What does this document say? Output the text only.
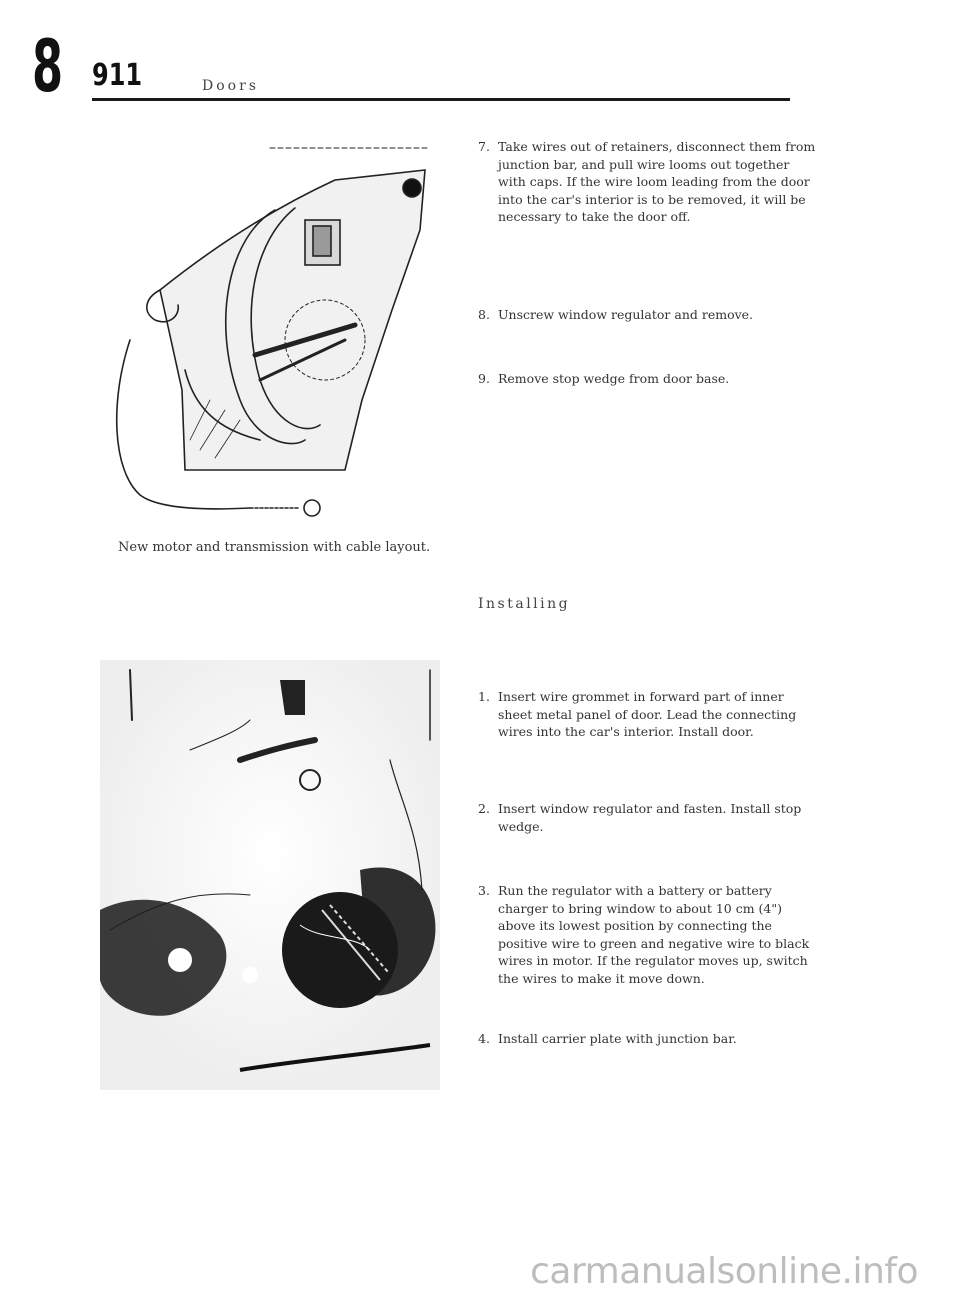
8 911	Doors
New motor and transmission with cable layout.
7. Take wires out of retainers, disconnect them from junction bar, and pull wire looms out together with caps. If the wire loom leading from the door into the car's interior is to be removed, it will be necessary to take the door off.
8. Unscrew window regulator and remove.
9. Remove stop wedge from door base.
Installing
1. Insert wire grommet in forward part of inner sheet metal panel of door. Lead the connecting wires into the car's interior. Install door.
2. Insert window regulator and fasten. Install stop wedge.
3. Run the regulator with a battery or battery charger to bring window to about 10 cm (4") above its lowest position by connecting the positive wire to green and negative wire to black wires in motor. If the regulator moves up, switch the wires to make it move down.
4. Install carrier plate with junction bar.
carmanualsonline.info
